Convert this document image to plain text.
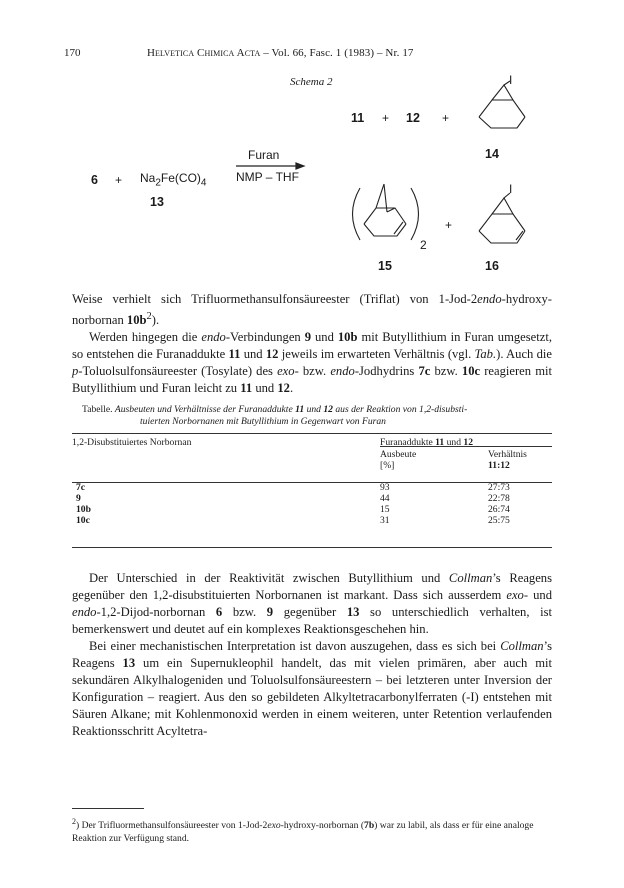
170	Helvetica Chimica Acta – Vol. 66, Fasc. 1 (1983) – Nr. 17
Schema 2
$6 + Na_2Fe(CO)_4$
13
Furan
NMP – THF
11 + 12 +
I
14
2
+
I
15	16

Weise verhielt sich Trifluormethansulfonsäureester (Triflat) von 1-Jod-2endo-hydroxy-norbornan $10b^2$).

Werden hingegen die endo-Verbindungen 9 und 10b mit Butyllithium in Furan umgesetzt, so entstehen die Furanaddukte 11 und 12 jeweils im erwarteten Verhältnis (vgl. Tab.). Auch die p-Toluolsulfonsäureester (Tosylate) des exo- bzw. endo-Jodhydrins 7c bzw. 10c reagieren mit Butyllithium und Furan leicht zu 11 und 12.

Tabelle. Ausbeuten und Verhältnisse der Furanaddukte 11 und 12 aus der Reaktion von 1,2-disubsti-
tuierten Norbornanen mit Butyllithium in Gegenwart von Furan
1,2-Disubstituiertes Norbornan	Furanaddukte 11 und 12	
	Ausbeute	Verhältnis
	[%]	11:12

7c	93	27:73
9	44	22:78
10b	15	26:74
10c	31	25:75

Der Unterschied in der Reaktivität zwischen Butyllithium und Collman’s Reagens gegenüber den 1,2-disubstituierten Norbornanen ist markant. Dass sich ausserdem exo- und endo-1,2-Dijod-norbornan 6 bzw. 9 gegenüber 13 so unterschiedlich verhalten, ist bemerkenswert und deutet auf ein komplexes Reaktionsgeschehen hin.

Bei einer mechanistischen Interpretation ist davon auszugehen, dass es sich bei Collman’s Reagens 13 um ein Supernukleophil handelt, das mit vielen primären, aber auch mit sekundären Alkylhalogeniden und Toluolsulfonsäureestern – bei letzteren unter Inversion der Konfiguration – reagiert. Aus den so gebildeten Alkyltetracarbonylferraten (-I) entstehen mit Säuren Alkane; mit Kohlenmonoxid werden in einem weiteren, unter Retention verlaufenden Reaktionsschritt Acyltetra-

$^2$) Der Trifluormethansulfonsäureester von 1-Jod-2exo-hydroxy-norbornan (7b) war zu labil, als dass er für eine analoge Reaktion zur Verfügung stand.
